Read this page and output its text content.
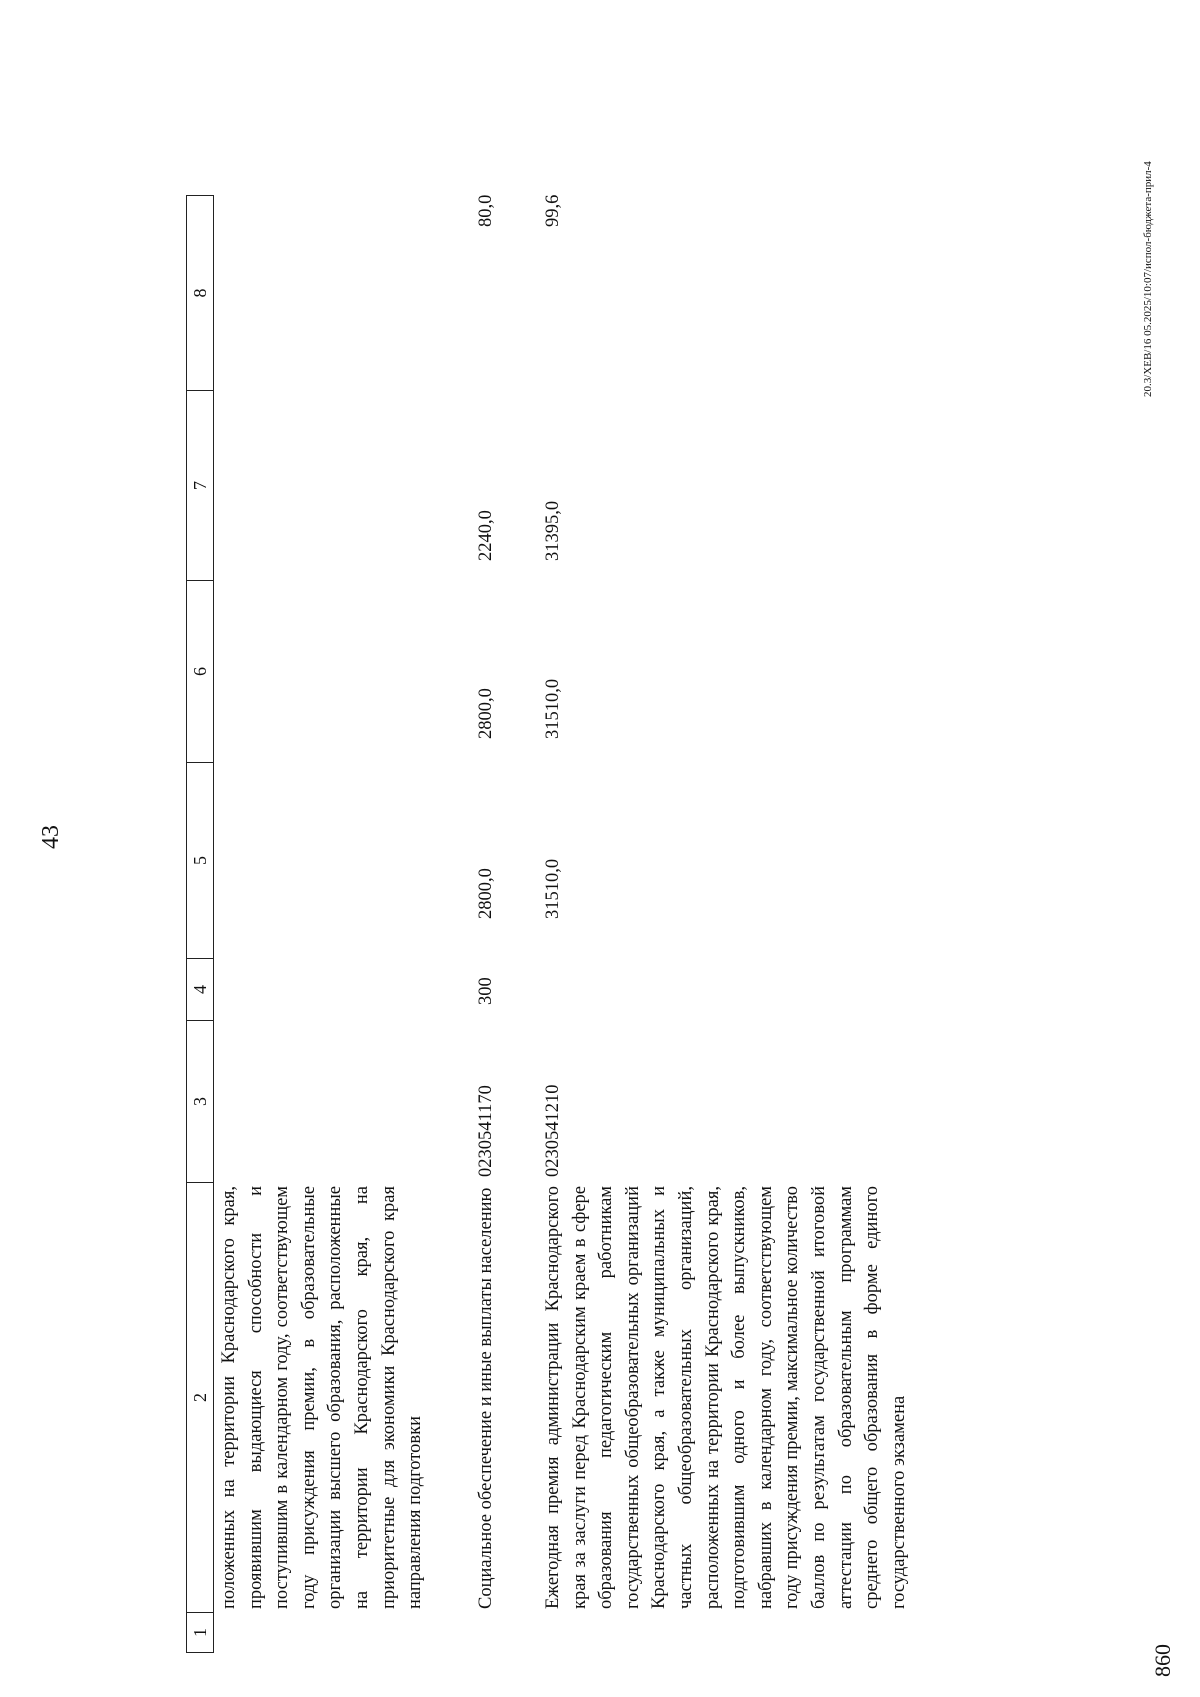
43
1
2
3
4
5
6
7
8
положенных на территории Краснодарского края, проявившим выдающиеся способности и поступившим в календарном году, соответствующем году присуждения премии, в образовательные организации высшего образования, расположенные на территории Краснодарского края, на приоритетные для экономики Краснодарского края направления подготовки	Социальное обеспечение и иные выплаты населению
0230541170
300
2800,0
2800,0
2240,0
80,0
Ежегодная премия администрации Краснодарского края за заслуги перед Краснодарским краем в сфере образования педагогическим работникам государственных общеобразовательных организаций Краснодарского края, а также муниципальных и частных общеобразовательных организаций, расположенных на территории Краснодарского края, подготовившим одного и более выпускников, набравших в календарном году, соответствующем году присуждения премии, максимальное количество баллов по результатам государственной итоговой аттестации по образовательным программам среднего общего образования в форме единого государственного экзамена
0230541210
31510,0
31510,0
31395,0
99,6	20.3/XEB/16 05.2025/10:07/испол-бюджета-прил-4
860
